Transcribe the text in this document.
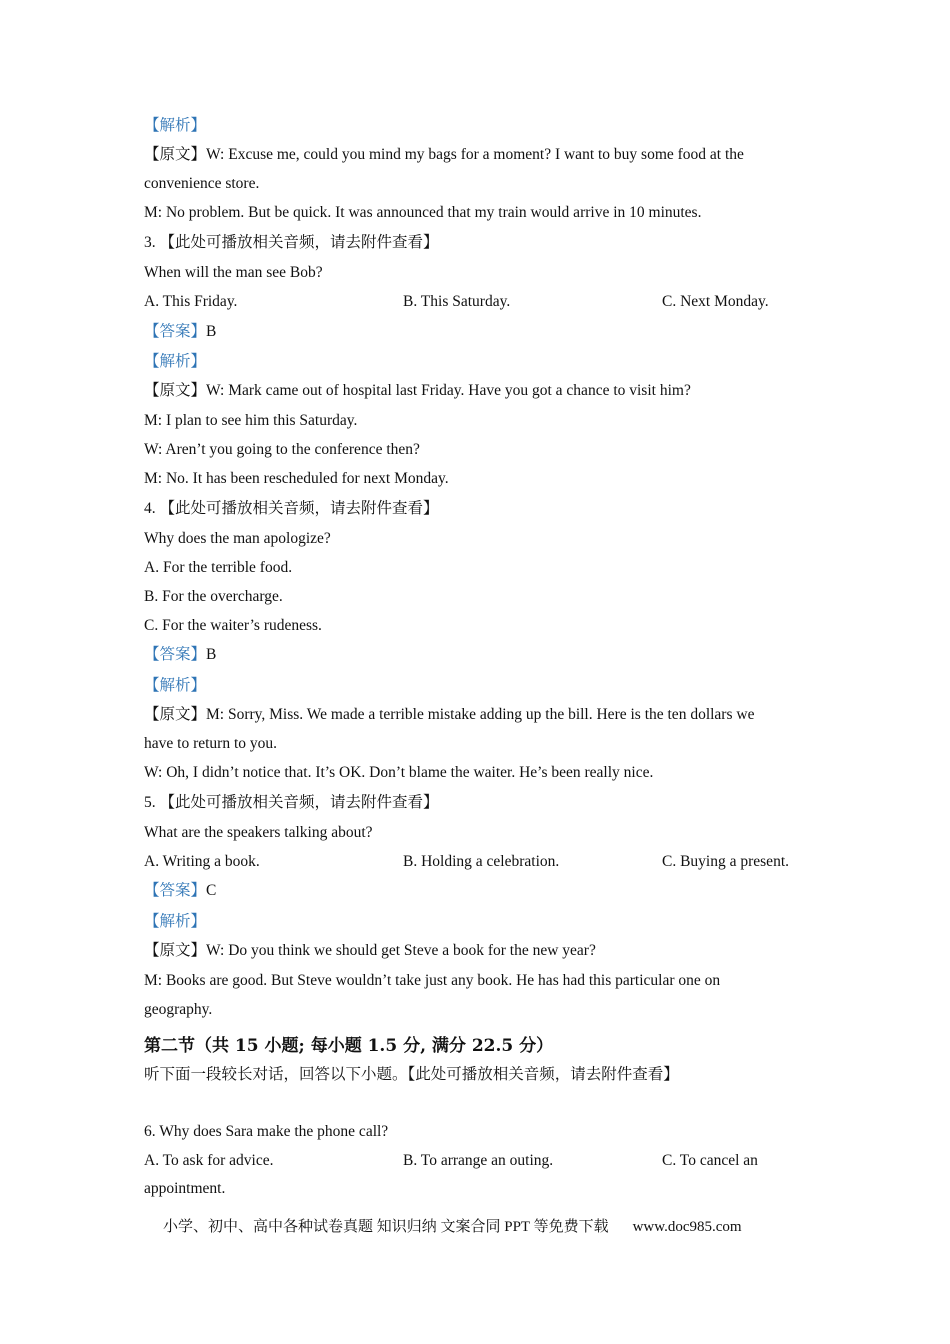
【解析】
【原文】W: Excuse me, could you mind my bags for a moment? I want to buy some food at the
convenience store.
M: No problem. But be quick. It was announced that my train would arrive in 10 minutes.
3. 【此处可播放相关音频，请去附件查看】
When will the man see Bob?
A. This Friday.	B. This Saturday.	C. Next Monday.
【答案】B
【解析】
【原文】W: Mark came out of hospital last Friday. Have you got a chance to visit him?
M: I plan to see him this Saturday.
W: Aren’t you going to the conference then?
M: No. It has been rescheduled for next Monday.
4. 【此处可播放相关音频，请去附件查看】
Why does the man apologize?
A. For the terrible food.
B. For the overcharge.
C. For the waiter’s rudeness.
【答案】B
【解析】
【原文】M: Sorry, Miss. We made a terrible mistake adding up the bill. Here is the ten dollars we
have to return to you.
W: Oh, I didn’t notice that. It’s OK. Don’t blame the waiter. He’s been really nice.
5. 【此处可播放相关音频，请去附件查看】
What are the speakers talking about?
A. Writing a book.	B. Holding a celebration.	C. Buying a present.
【答案】C
【解析】
【原文】W: Do you think we should get Steve a book for the new year?
M: Books are good. But Steve wouldn’t take just any book. He has had this particular one on
geography.
第二节（共 15 小题; 每小题 1.5 分, 满分 22.5 分）
听下面一段较长对话，回答以下小题。【此处可播放相关音频，请去附件查看】
6. Why does Sara make the phone call?
A. To ask for advice.	B. To arrange an outing.	C. To cancel an
appointment.
小学、初中、高中各种试卷真题 知识归纳 文案合同 PPT 等免费下载 www.doc985.com
